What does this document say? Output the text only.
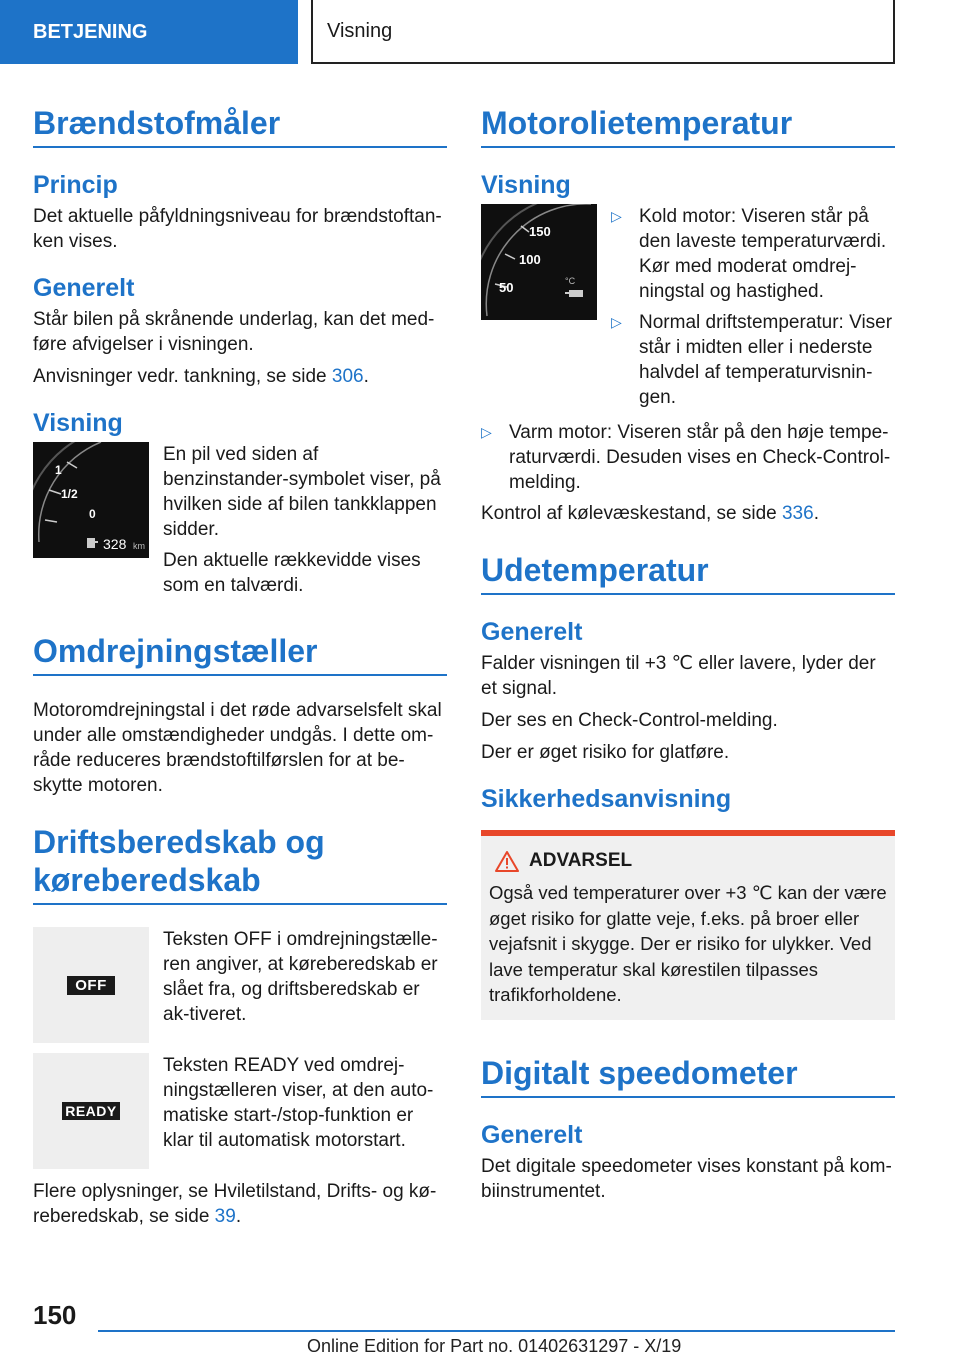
BETJENING	Visning
Brændstofmåler
Princip

Det aktuelle påfyldningsniveau for brændstoftan-ken vises.

Generelt

Står bilen på skrånende underlag, kan det med-føre afvigelser i visningen.

Anvisninger vedr. tankning, se side 306.

Visning
1
1/2
0
328 km

En pil ved siden af benzinstander-symbolet viser, på hvilken side af bilen tankklappen sidder.

Den aktuelle rækkevidde vises som en talværdi.

Omdrejningstæller

Motoromdrejningstal i det røde advarselsfelt skal under alle omstændigheder undgås. I dette om-råde reduceres brændstoftilførslen for at be-skytte motoren.

Driftsberedskab og køreberedskab
OFF

Teksten OFF i omdrejningstælle-ren angiver, at køreberedskab er slået fra, og driftsberedskab er ak-tiveret.

READY

Teksten READY ved omdrej-ningstælleren viser, at den auto-matiske start-/stop-funktion er klar til automatisk motorstart.

Flere oplysninger, se Hviletilstand, Drifts- og kø-reberedskab, se side 39.

Motorolietemperatur
Visning
150
100
50	°C
▷ Kold motor: Viseren står på den laveste temperaturværdi. Kør med moderat omdrej-ningstal og hastighed.
▷ Normal driftstemperatur: Viser står i midten eller i nederste halvdel af temperaturvisnin-gen.
▷ Varm motor: Viseren står på den høje tempe-raturværdi. Desuden vises en Check-Control-melding.

Kontrol af kølevæskestand, se side 336.

Udetemperatur
Generelt

Falder visningen til +3 ℃ eller lavere, lyder der et signal.

Der ses en Check-Control-melding.

Der er øget risiko for glatføre.

Sikkerhedsanvisning
ADVARSEL

Også ved temperaturer over +3 ℃ kan der være øget risiko for glatte veje, f.eks. på broer eller vejafsnit i skygge. Der er risiko for ulykker. Ved lave temperatur skal kørestilen tilpasses trafikforholdene.

Digitalt speedometer
Generelt

Det digitale speedometer vises konstant på kom-biinstrumentet.

150
Online Edition for Part no. 01402631297 - X/19
